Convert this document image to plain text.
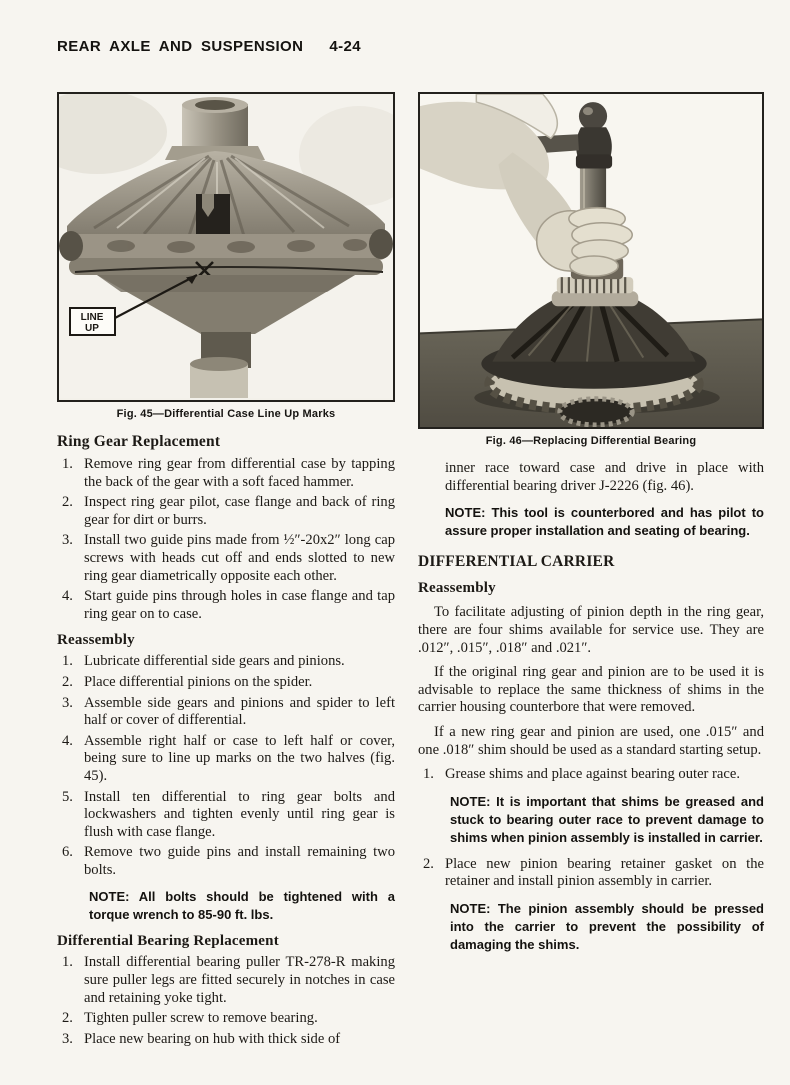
REAR AXLE AND SUSPENSION 4-24
LINE
UP
Fig. 45—Differential Case Line Up Marks
Ring Gear Replacement
1. Remove ring gear from differential case by tapping the back of the gear with a soft faced hammer.
2. Inspect ring gear pilot, case flange and back of ring gear for dirt or burrs.
3. Install two guide pins made from ½″-20x2″ long cap screws with heads cut off and ends slotted to new ring gear diametrically opposite each other.
4. Start guide pins through holes in case flange and tap ring gear on to case.
Reassembly
1. Lubricate differential side gears and pinions.
2. Place differential pinions on the spider.
3. Assemble side gears and pinions and spider to left half or cover of differential.
4. Assemble right half or case to left half or cover, being sure to line up marks on the two halves (fig. 45).
5. Install ten differential to ring gear bolts and lockwashers and tighten evenly until ring gear is flush with case flange.
6. Remove two guide pins and install remaining two bolts.
NOTE: All bolts should be tightened with a torque wrench to 85-90 ft. lbs.
Differential Bearing Replacement
1. Install differential bearing puller TR-278-R making sure puller legs are fitted securely in notches in case and retaining yoke tight.
2. Tighten puller screw to remove bearing.
3. Place new bearing on hub with thick side of
Fig. 46—Replacing Differential Bearing

inner race toward case and drive in place with differential bearing driver J-2226 (fig. 46).

NOTE: This tool is counterbored and has pilot to assure proper installation and seating of bearing.
DIFFERENTIAL CARRIER
Reassembly

To facilitate adjusting of pinion depth in the ring gear, there are four shims available for service use. They are .012″, .015″, .018″ and .021″.

If the original ring gear and pinion are to be used it is advisable to replace the same thickness of shims in the carrier housing counterbore that were removed.

If a new ring gear and pinion are used, one .015″ and one .018″ shim should be used as a standard starting setup.

1. Grease shims and place against bearing outer race.
NOTE: It is important that shims be greased and stuck to bearing outer race to prevent damage to shims when pinion assembly is installed in carrier.
2. Place new pinion bearing retainer gasket on the retainer and install pinion assembly in carrier.
NOTE: The pinion assembly should be pressed into the carrier to prevent the possibility of damaging the shims.
